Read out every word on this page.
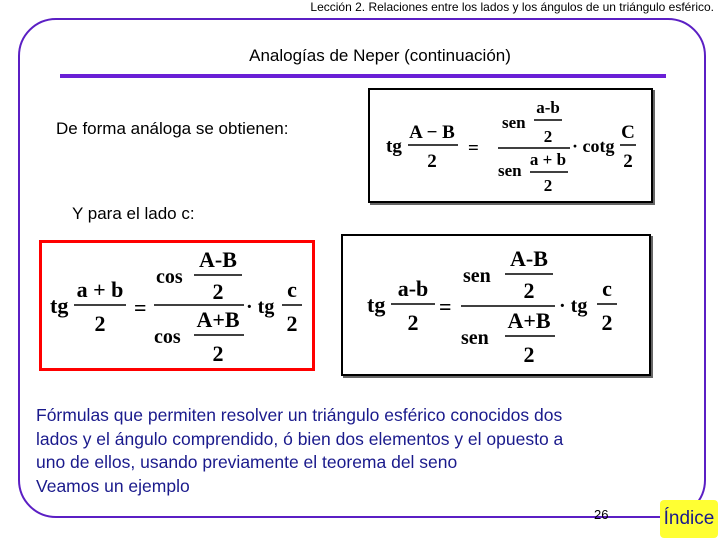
Lección 2. Relaciones entre los lados y los ángulos de un triángulo esférico.
Analogías de Neper (continuación)
De forma análoga se obtienen:
Y para el lado c:
tg
A − B
2
=
sen
a-b
2
sen
a + b
2
· cotg
C
2
tg
a + b
2
=
cos
A-B
2
cos
A+B
2
· tg
c
2
tg
a-b
2
=
sen
A-B
2
sen
A+B
2
· tg
c
2
Fórmulas que permiten resolver un triángulo esférico conocidos dos
lados y el ángulo comprendido, ó bien dos elementos y el opuesto a
uno de ellos, usando previamente el teorema del seno
Veamos un ejemplo
26	Índice
